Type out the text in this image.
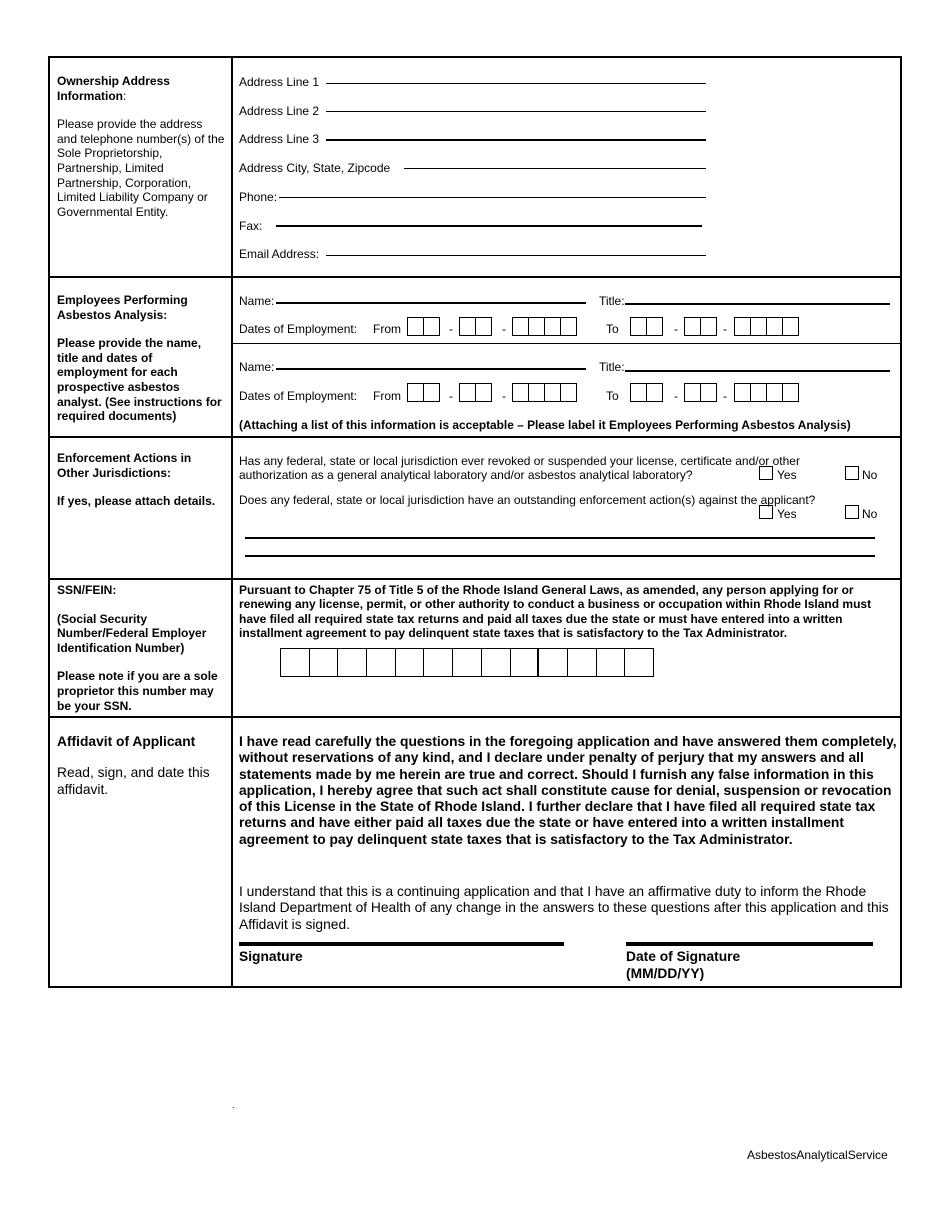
Ownership Address Information:

Please provide the address and telephone number(s) of the Sole Proprietorship, Partnership, Limited Partnership, Corporation, Limited Liability Company or Governmental Entity.

Address Line 1
Address Line 2
Address Line 3
Address City, State, Zipcode
Phone:
Fax:
Email Address:

Employees Performing Asbestos Analysis:

Please provide the name, title and dates of employment for each prospective asbestos analyst. (See instructions for required documents)

Name:	Title:
Dates of Employment: From	-	-	To	-	-
Name:	Title:
Dates of Employment: From	-	-	To	-	-
(Attaching a list of this information is acceptable – Please label it Employees Performing Asbestos Analysis)

Enforcement Actions in Other Jurisdictions:

If yes, please attach details.

Has any federal, state or local jurisdiction ever revoked or suspended your license, certificate and/or other
authorization as a general analytical laboratory and/or asbestos analytical laboratory?	Yes	No
Does any federal, state or local jurisdiction have an outstanding enforcement action(s) against the applicant?
Yes	No

SSN/FEIN:

(Social Security Number/Federal Employer Identification Number)

Please note if you are a sole proprietor this number may be your SSN.

Pursuant to Chapter 75 of Title 5 of the Rhode Island General Laws, as amended, any person applying for or renewing any license, permit, or other authority to conduct a business or occupation within Rhode Island must have filed all required state tax returns and paid all taxes due the state or must have entered into a written installment agreement to pay delinquent state taxes that is satisfactory to the Tax Administrator.

Affidavit of Applicant

Read, sign, and date this affidavit.

I have read carefully the questions in the foregoing application and have answered them completely, without reservations of any kind, and I declare under penalty of perjury that my answers and all statements made by me herein are true and correct. Should I furnish any false information in this application, I hereby agree that such act shall constitute cause for denial, suspension or revocation of this License in the State of Rhode Island. I further declare that I have filed all required state tax returns and have either paid all taxes due the state or have entered into a written installment agreement to pay delinquent state taxes that is satisfactory to the Tax Administrator.
I understand that this is a continuing application and that I have an affirmative duty to inform the Rhode Island Department of Health of any change in the answers to these questions after this application and this Affidavit is signed.
Signature	Date of Signature
(MM/DD/YY)
.
AsbestosAnalyticalService
